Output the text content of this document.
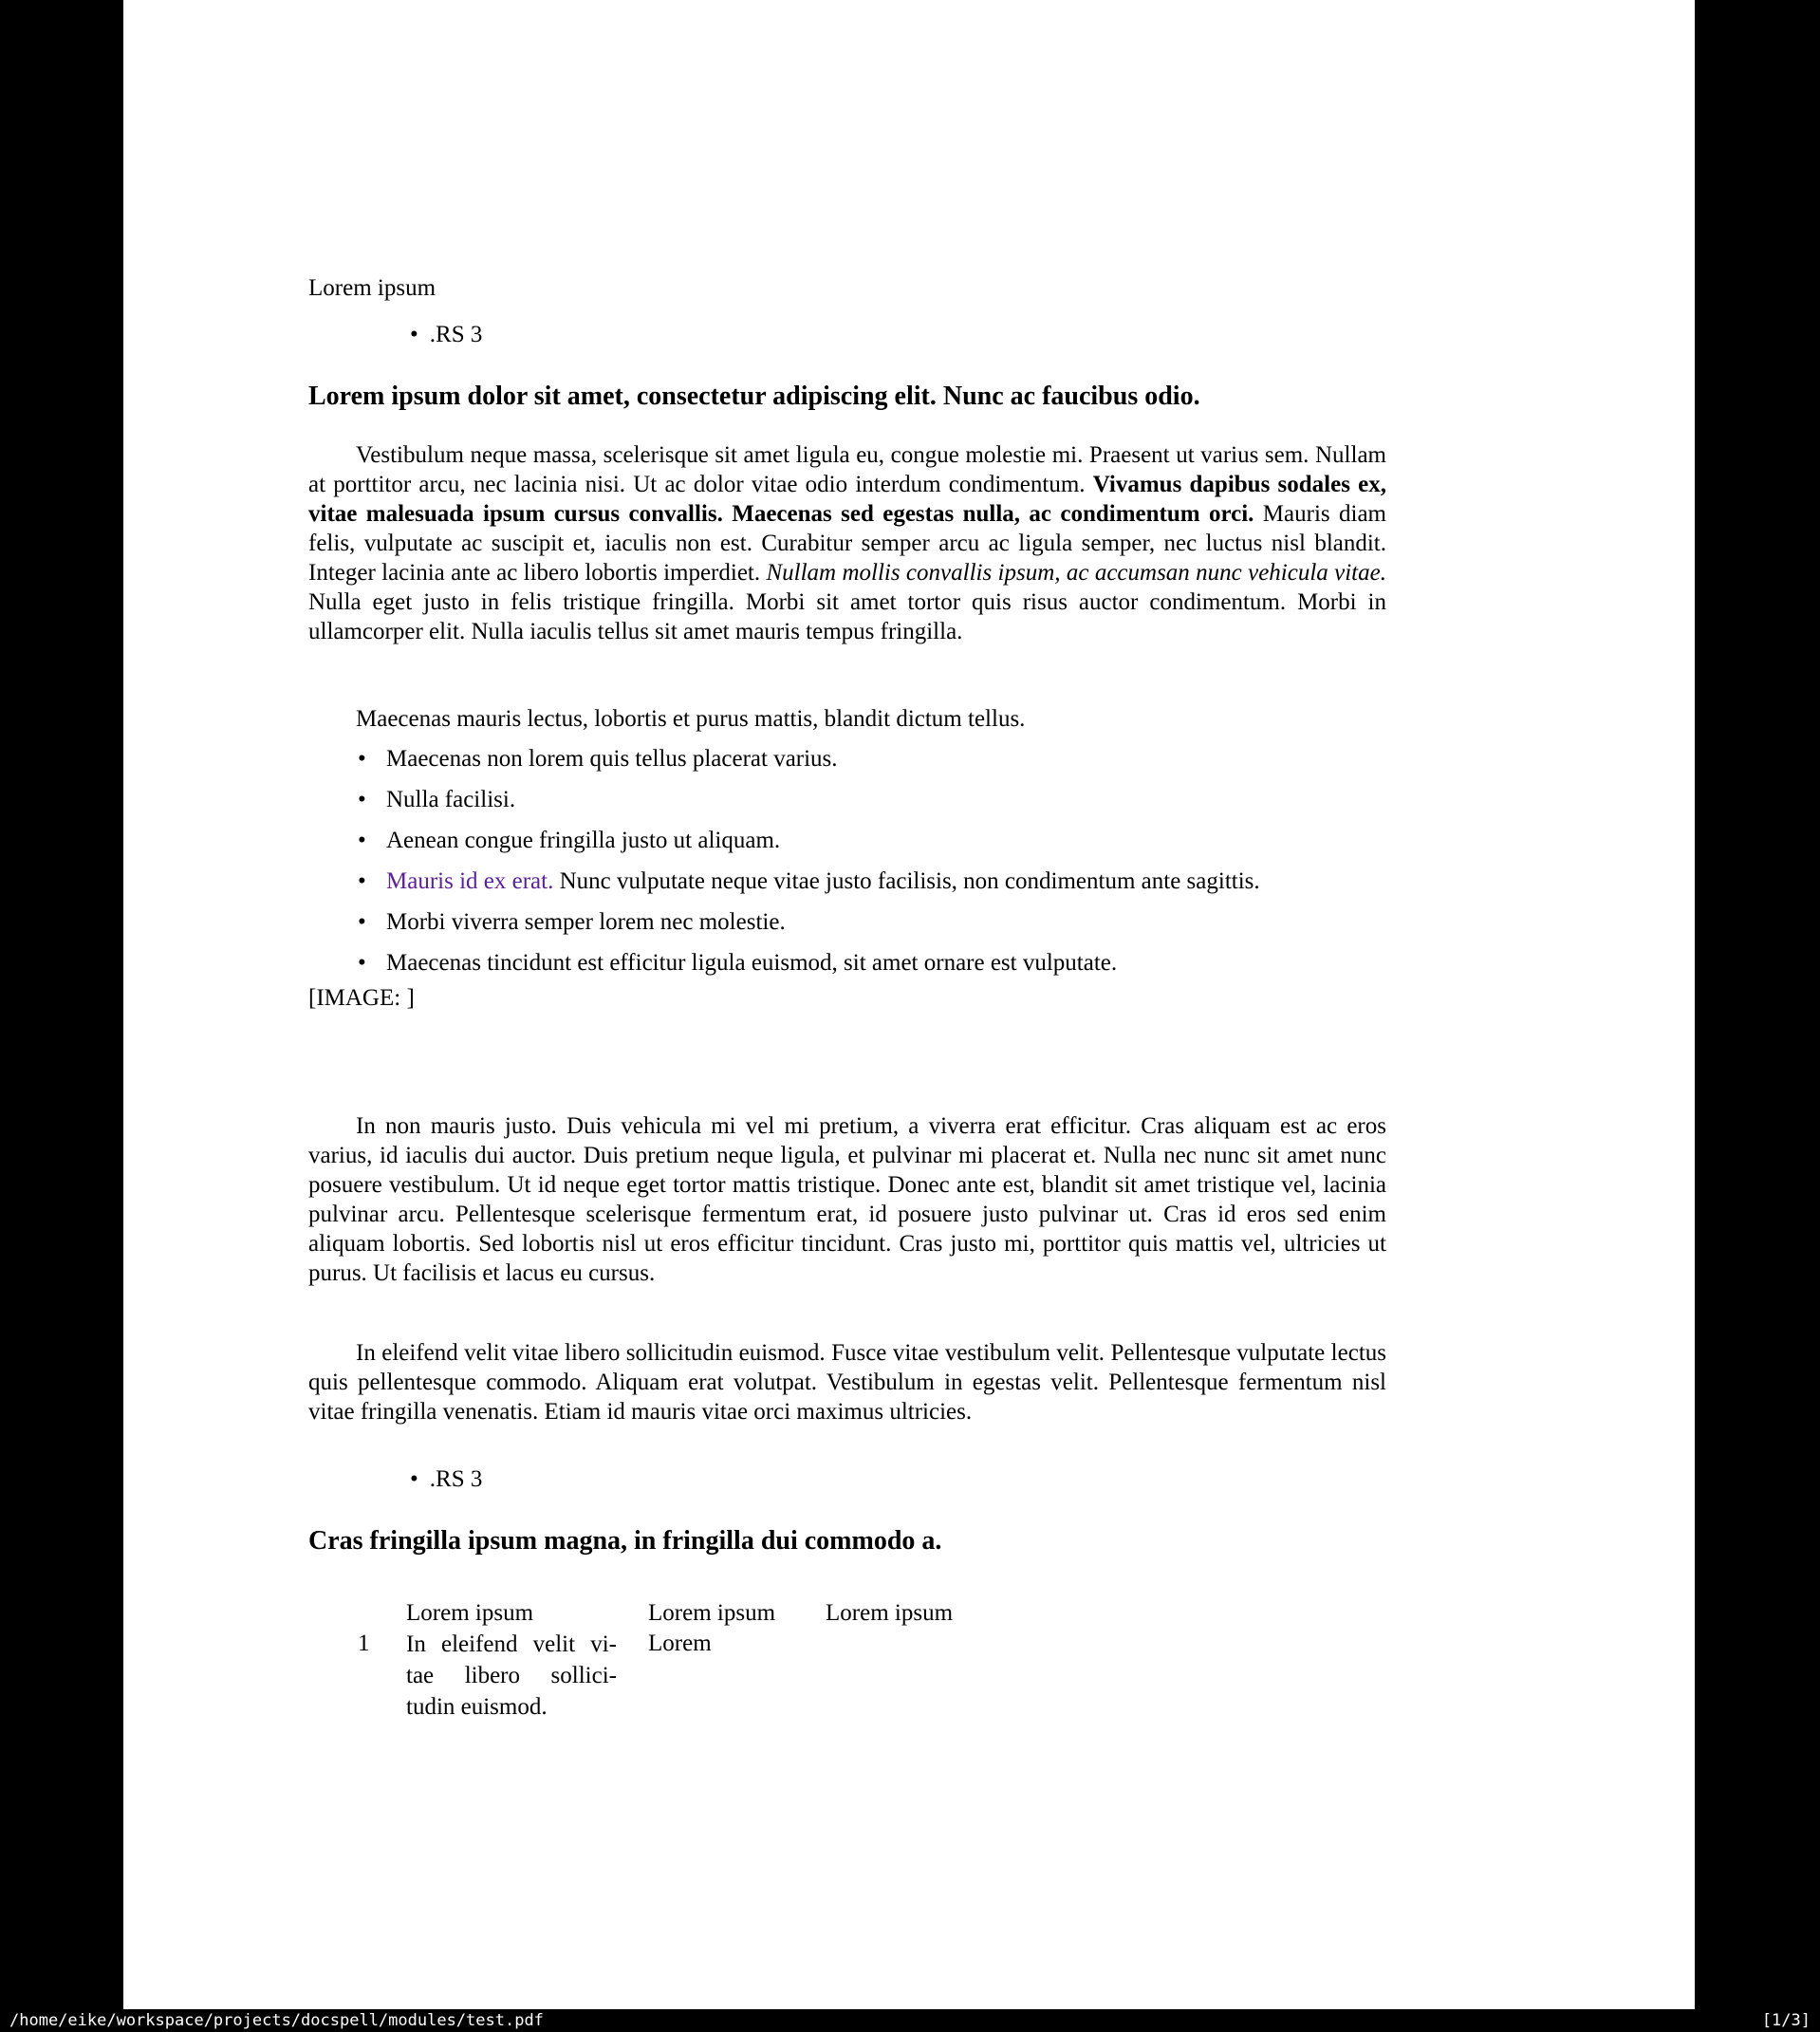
Lorem ipsum

• .RS 3
Lorem ipsum dolor sit amet, consectetur adipiscing elit. Nunc ac faucibus odio.

Vestibulum neque massa, scelerisque sit amet ligula eu, congue molestie mi. Praesent ut varius sem. Nullam at porttitor arcu, nec lacinia nisi. Ut ac dolor vitae odio interdum condimentum. Vivamus dapibus sodales ex, vitae malesuada ipsum cursus convallis. Maecenas sed egestas nulla, ac condimentum orci. Mauris diam felis, vulputate ac suscipit et, iaculis non est. Curabitur semper arcu ac ligula semper, nec luctus nisl blandit. Integer lacinia ante ac libero lobortis imperdiet. Nullam mollis convallis ipsum, ac accumsan nunc vehicula vitae. Nulla eget justo in felis tristique fringilla. Morbi sit amet tortor quis risus auctor condimentum. Morbi in ullamcorper elit. Nulla iaculis tellus sit amet mauris tempus fringilla.

Maecenas mauris lectus, lobortis et purus mattis, blandit dictum tellus.

• Maecenas non lorem quis tellus placerat varius.
• Nulla facilisi.
• Aenean congue fringilla justo ut aliquam.
• Mauris id ex erat. Nunc vulputate neque vitae justo facilisis, non condimentum ante sagittis.
• Morbi viverra semper lorem nec molestie.
• Maecenas tincidunt est efficitur ligula euismod, sit amet ornare est vulputate.

[IMAGE: ]

In non mauris justo. Duis vehicula mi vel mi pretium, a viverra erat efficitur. Cras aliquam est ac eros varius, id iaculis dui auctor. Duis pretium neque ligula, et pulvinar mi placerat et. Nulla nec nunc sit amet nunc posuere vestibulum. Ut id neque eget tortor mattis tristique. Donec ante est, blandit sit amet tristique vel, lacinia pulvinar arcu. Pellentesque scelerisque fermentum erat, id posuere justo pulvinar ut. Cras id eros sed enim aliquam lobortis. Sed lobortis nisl ut eros efficitur tincidunt. Cras justo mi, porttitor quis mattis vel, ultricies ut purus. Ut facilisis et lacus eu cursus.

In eleifend velit vitae libero sollicitudin euismod. Fusce vitae vestibulum velit. Pellentesque vulputate lectus quis pellentesque commodo. Aliquam erat volutpat. Vestibulum in egestas velit. Pellentesque fermentum nisl vitae fringilla venenatis. Etiam id mauris vitae orci maximus ultricies.

• .RS 3
Cras fringilla ipsum magna, in fringilla dui commodo a.
Lorem ipsum	Lorem ipsum Lorem ipsum
1 In eleifend velit vi-
tae libero sollici-
tudin euismod.
Lorem
/home/eike/workspace/projects/docspell/modules/test.pdf	[1/3]
